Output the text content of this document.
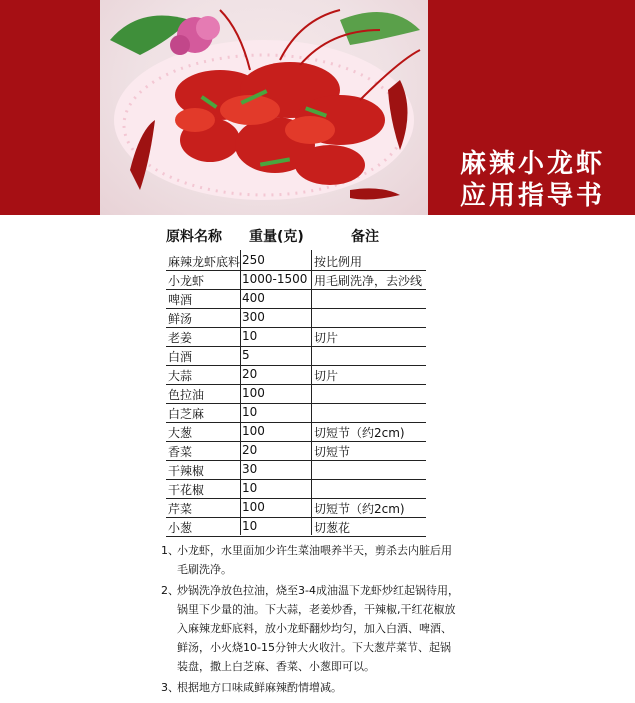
麻辣小龙虾
应用指导书
原料名称 重量(克)	备注
麻辣龙虾底料 250	按比例用
小龙虾	1000-1500 用毛刷洗净，去沙线
啤酒	400
鲜汤	300
老姜	10	切片
白酒	5
大蒜	20	切片
色拉油	100
白芝麻	10
大葱	100	切短节（约2cm)
香菜	20	切短节
干辣椒	30
干花椒	10
芹菜	100	切短节（约2cm)
小葱	10	切葱花
1、
小龙虾，水里面加少许生菜油喂养半天，剪杀去内脏后用毛刷洗净。
2、
炒锅洗净放色拉油，烧至3-4成油温下龙虾炒红起锅待用，锅里下少量的油。下大蒜，老姜炒香，干辣椒,干红花椒放入麻辣龙虾底料，放小龙虾翻炒均匀，加入白酒、啤酒、鲜汤，小火烧10-15分钟大火收汁。下大葱芹菜节、起锅装盘，撒上白芝麻、香菜、小葱即可以。
3、
根据地方口味咸鲜麻辣酌情增减。
